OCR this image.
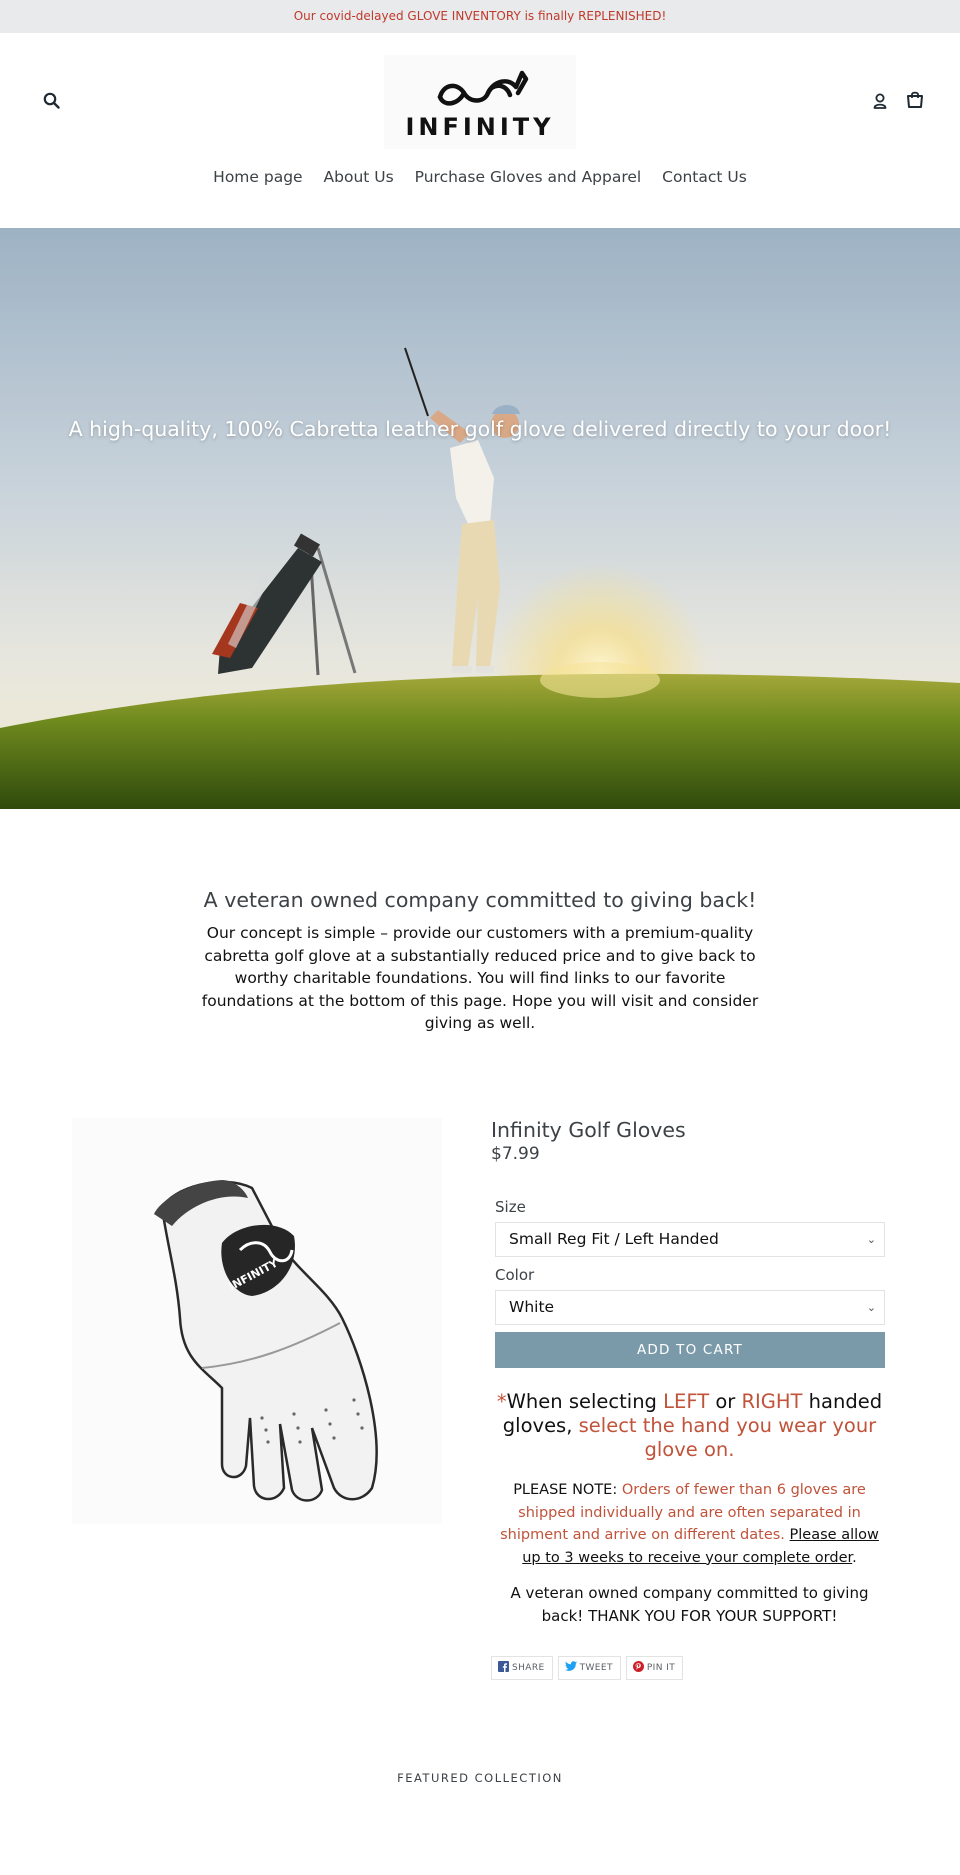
Our covid-delayed GLOVE INVENTORY is finally REPLENISHED!
INFINITY
Home page About Us Purchase Gloves and Apparel Contact Us
A high-quality, 100% Cabretta leather golf glove delivered directly to your door!
A veteran owned company committed to giving back!

Our concept is simple – provide our customers with a premium-quality cabretta golf glove at a substantially reduced price and to give back to worthy charitable foundations. You will find links to our favorite foundations at the bottom of this page. Hope you will visit and consider giving as well.

INFINITY
Infinity Golf Gloves
$7.99
Size
Small Reg Fit / Left Handed	⌄
Color
White	⌄
ADD TO CART
*When selecting LEFT or RIGHT handed gloves, select the hand you wear your glove on.
PLEASE NOTE: Orders of fewer than 6 gloves are shipped individually and are often separated in shipment and arrive on different dates. Please allow up to 3 weeks to receive your complete order.
A veteran owned company committed to giving back! THANK YOU FOR YOUR SUPPORT!
SHARE	TWEET	PIN IT
FEATURED COLLECTION
